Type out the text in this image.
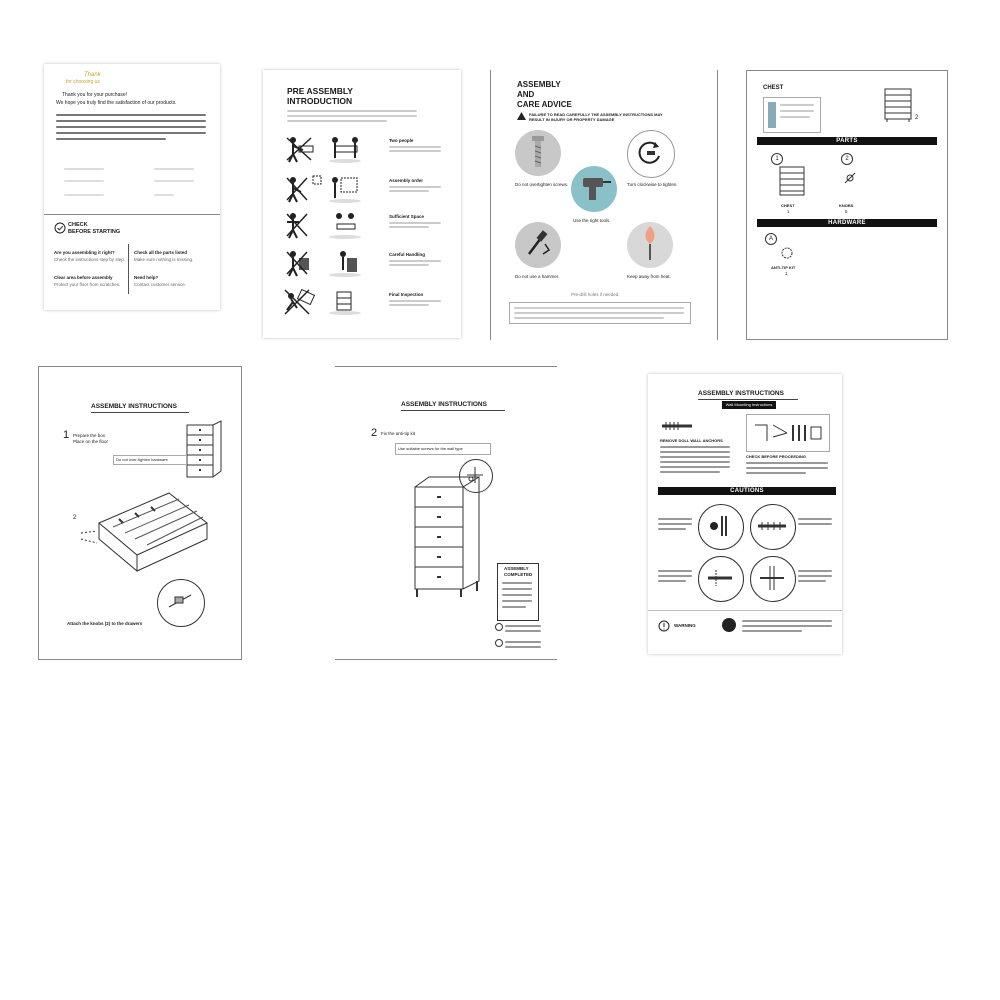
Thank
for choosing us
Thank you for your purchase!
We hope you truly find the satisfaction of our products.
CHECK
BEFORE STARTING
Are you assembling it right?
Check the instructions step by step.
Check all the parts listed
Make sure nothing is missing.
Clear area before assembly
Protect your floor from scratches.
Need help?
Contact customer service.
PRE ASSEMBLY
INTRODUCTION
Two people
Assembly order
Sufficient Space
Careful Handling
Final Inspection
ASSEMBLY
AND
CARE ADVICE
FAILURE TO READ CAREFULLY THE ASSEMBLY INSTRUCTIONS MAY RESULT IN INJURY OR PROPERTY DAMAGE
Do not overtighten screws.
Use the right tools.
Turn clockwise to tighten.
Do not use a hammer.	Keep away from heat.
Pre-drill holes if needed.
CHEST
2
PARTS
1	2
CHEST
1
KNOBS
5
HARDWARE
A
ANTI-TIP KIT
1
ASSEMBLY INSTRUCTIONS
1 Prepare the box
Place on the floor
Do not over-tighten hardware
2
Attach the knobs (2) to the drawers
ASSEMBLY INSTRUCTIONS
2 Fix the anti-tip kit
Use suitable screws for the wall type
ASSEMBLY
COMPLETED
ASSEMBLY INSTRUCTIONS
Wall Mounting Instructions
REMOVE DOLL WALL ANCHORS
CHECK BEFORE PROCEEDING
CAUTIONS
WARNING
